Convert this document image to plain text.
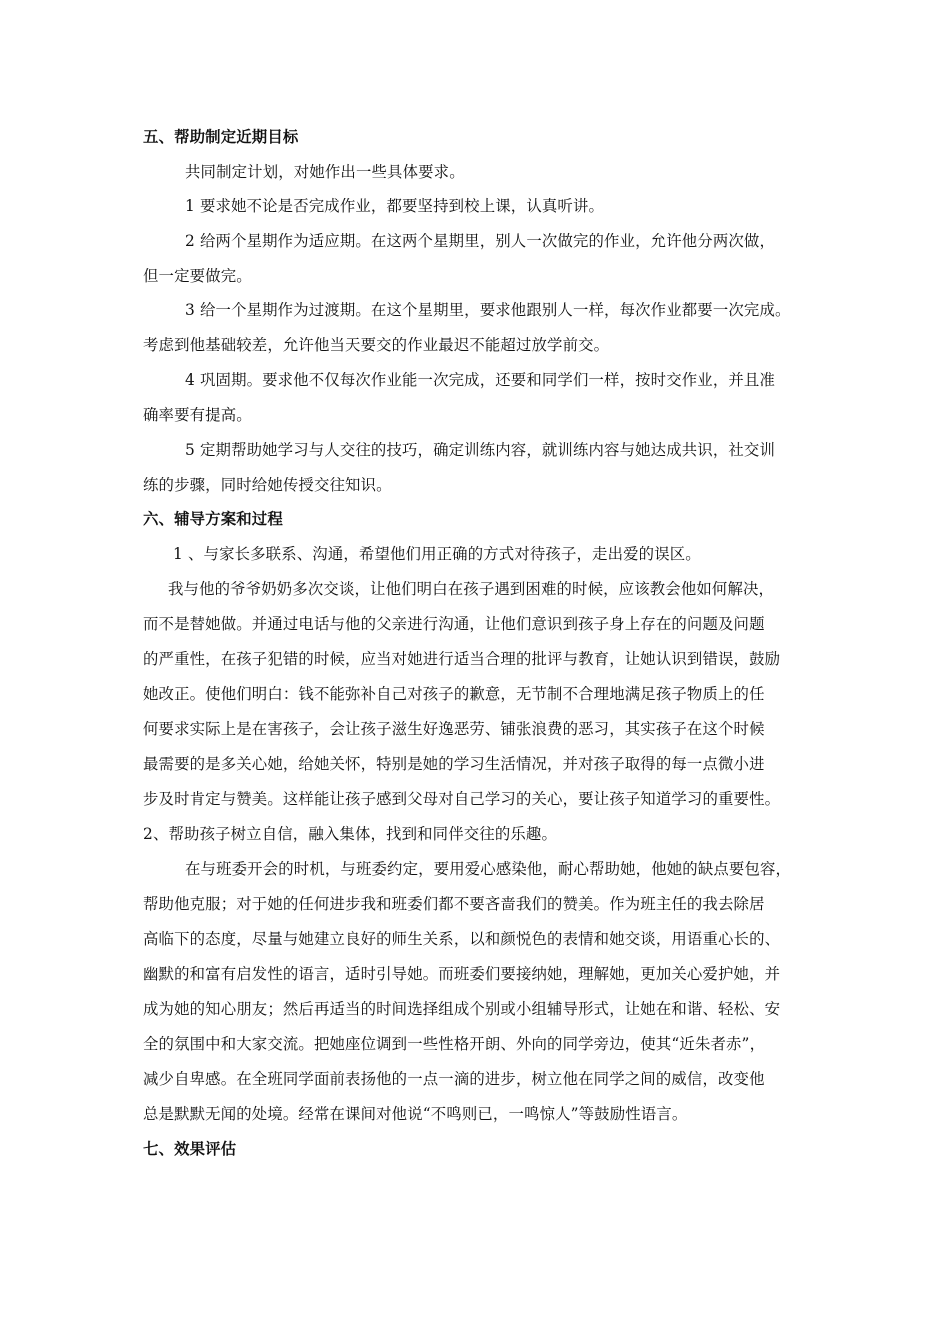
五、帮助制定近期目标
共同制定计划，对她作出一些具体要求。
1 要求她不论是否完成作业，都要坚持到校上课，认真听讲。
2 给两个星期作为适应期。在这两个星期里，别人一次做完的作业，允许他分两次做，
但一定要做完。
3 给一个星期作为过渡期。在这个星期里，要求他跟别人一样，每次作业都要一次完成。
考虑到他基础较差，允许他当天要交的作业最迟不能超过放学前交。
4 巩固期。要求他不仅每次作业能一次完成，还要和同学们一样，按时交作业，并且准
确率要有提高。
5 定期帮助她学习与人交往的技巧，确定训练内容，就训练内容与她达成共识，社交训
练的步骤，同时给她传授交往知识。
六、辅导方案和过程
1 、与家长多联系、沟通，希望他们用正确的方式对待孩子，走出爱的误区。
我与他的爷爷奶奶多次交谈，让他们明白在孩子遇到困难的时候，应该教会他如何解决，
而不是替她做。并通过电话与他的父亲进行沟通，让他们意识到孩子身上存在的问题及问题
的严重性，在孩子犯错的时候，应当对她进行适当合理的批评与教育，让她认识到错误，鼓励
她改正。使他们明白：钱不能弥补自己对孩子的歉意，无节制不合理地满足孩子物质上的任
何要求实际上是在害孩子，会让孩子滋生好逸恶劳、铺张浪费的恶习，其实孩子在这个时候
最需要的是多关心她，给她关怀，特别是她的学习生活情况，并对孩子取得的每一点微小进
步及时肯定与赞美。这样能让孩子感到父母对自己学习的关心，要让孩子知道学习的重要性。
2、帮助孩子树立自信，融入集体，找到和同伴交往的乐趣。
在与班委开会的时机，与班委约定，要用爱心感染他，耐心帮助她，他她的缺点要包容，
帮助他克服；对于她的任何进步我和班委们都不要吝啬我们的赞美。作为班主任的我去除居
高临下的态度，尽量与她建立良好的师生关系，以和颜悦色的表情和她交谈，用语重心长的、
幽默的和富有启发性的语言，适时引导她。而班委们要接纳她，理解她，更加关心爱护她，并
成为她的知心朋友；然后再适当的时间选择组成个别或小组辅导形式，让她在和谐、轻松、安
全的氛围中和大家交流。把她座位调到一些性格开朗、外向的同学旁边，使其“近朱者赤”，
减少自卑感。在全班同学面前表扬他的一点一滴的进步，树立他在同学之间的威信，改变他
总是默默无闻的处境。经常在课间对他说“不鸣则已，一鸣惊人”等鼓励性语言。
七、效果评估
